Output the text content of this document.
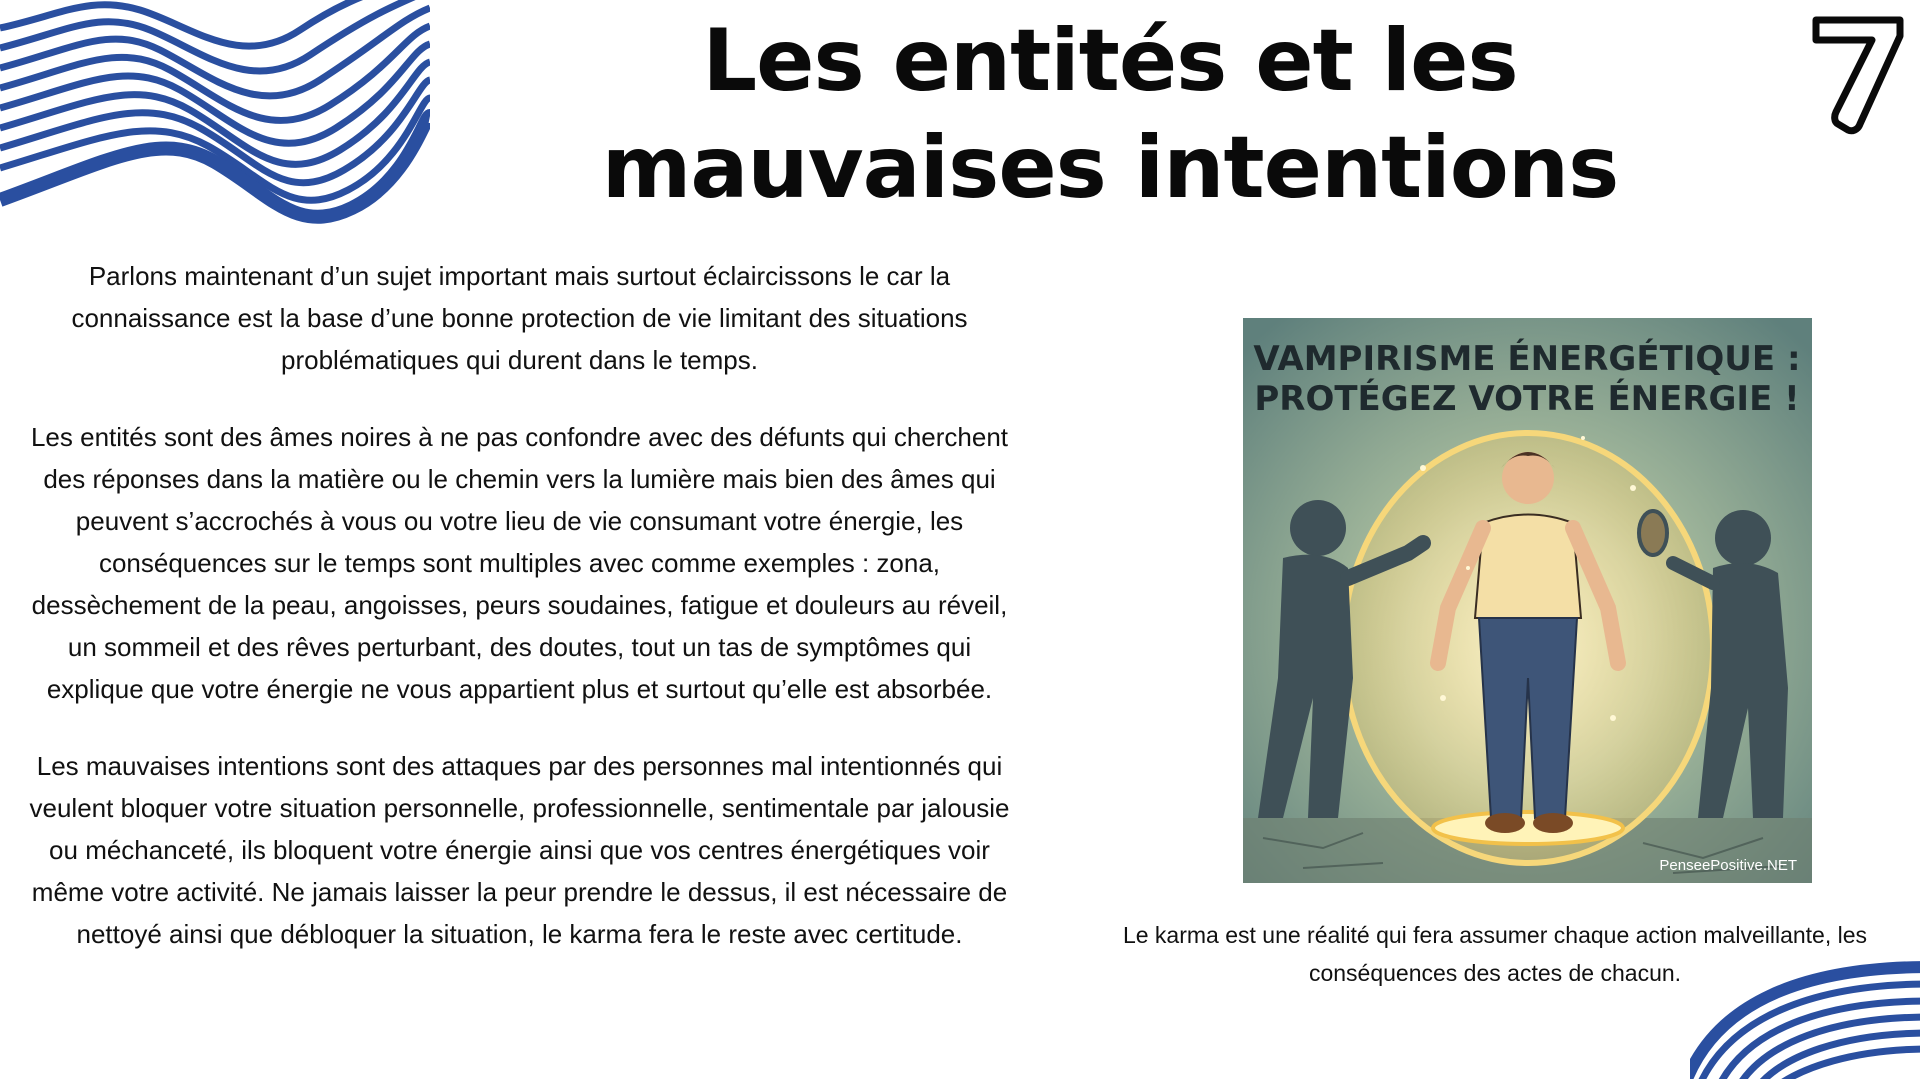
Les entités et les mauvaises intentions

Parlons maintenant d’un sujet important mais surtout éclaircissons le car la connaissance est la base d’une bonne protection de vie limitant des situations problématiques qui durent dans le temps.

Les entités sont des âmes noires à ne pas confondre avec des défunts qui cherchent des réponses dans la matière ou le chemin vers la lumière mais bien des âmes qui peuvent s’accrochés à vous ou votre lieu de vie consumant votre énergie, les conséquences sur le temps sont multiples avec comme exemples : zona, dessèchement de la peau, angoisses, peurs soudaines, fatigue et douleurs au réveil, un sommeil et des rêves perturbant, des doutes, tout un tas de symptômes qui explique que votre énergie ne vous appartient plus et surtout qu’elle est absorbée.

Les mauvaises intentions sont des attaques par des personnes mal intentionnés qui veulent bloquer votre situation personnelle, professionnelle, sentimentale par jalousie ou méchanceté, ils bloquent votre énergie ainsi que vos centres énergétiques voir même votre activité. Ne jamais laisser la peur prendre le dessus, il est nécessaire de nettoyé ainsi que débloquer la situation, le karma fera le reste avec certitude.

VAMPIRISME ÉNERGÉTIQUE :
PROTÉGEZ VOTRE ÉNERGIE !
PenseePositive.NET
Le karma est une réalité qui fera assumer chaque action malveillante, les conséquences des actes de chacun.
